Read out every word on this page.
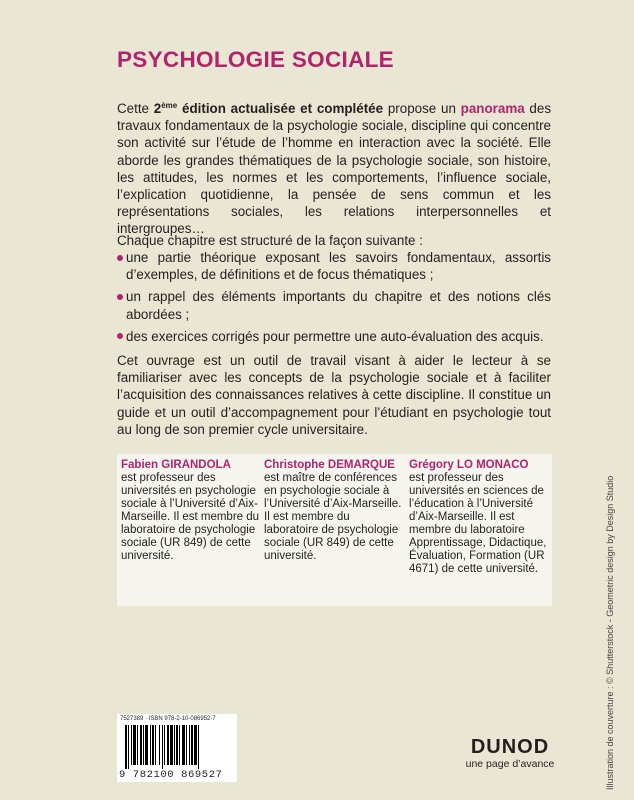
PSYCHOLOGIE SOCIALE

Cette 2ème édition actualisée et complétée propose un panorama des travaux fondamentaux de la psychologie sociale, discipline qui concentre son activité sur l’étude de l’homme en interaction avec la société. Elle aborde les grandes thématiques de la psychologie sociale, son histoire, les attitudes, les normes et les comportements, l’influence sociale, l’explication quotidienne, la pensée de sens commun et les représentations sociales, les relations interpersonnelles et intergroupes…

Chaque chapitre est structuré de la façon suivante :

une partie théorique exposant les savoirs fondamentaux, assortis d’exemples, de définitions et de focus thématiques ;
un rappel des éléments importants du chapitre et des notions clés abordées ;
des exercices corrigés pour permettre une auto-évaluation des acquis.

Cet ouvrage est un outil de travail visant à aider le lecteur à se familiariser avec les concepts de la psychologie sociale et à faciliter l’acquisition des connaissances relatives à cette discipline. Il constitue un guide et un outil d’accompagnement pour l’étudiant en psychologie tout au long de son premier cycle universitaire.

Fabien GIRANDOLA
est professeur des universités en psychologie sociale à l’Université d’Aix-Marseille. Il est membre du laboratoire de psychologie sociale (UR 849) de cette université.
Christophe DEMARQUE
est maître de conférences en psychologie sociale à l’Université d’Aix-Marseille. Il est membre du laboratoire de psychologie sociale (UR 849) de cette université.
Grégory LO MONACO
est professeur des universités en sciences de l’éducation à l’Université d’Aix-Marseille. Il est membre du laboratoire Apprentissage, Didactique, Évaluation, Formation (UR 4671) de cette université.
7527389 · ISBN 978-2-10-086952-7
9 782100 869527
DUNOD
une page d’avance	Illustration de couverture : © Shutterstock - Geometric design by Design Studio
